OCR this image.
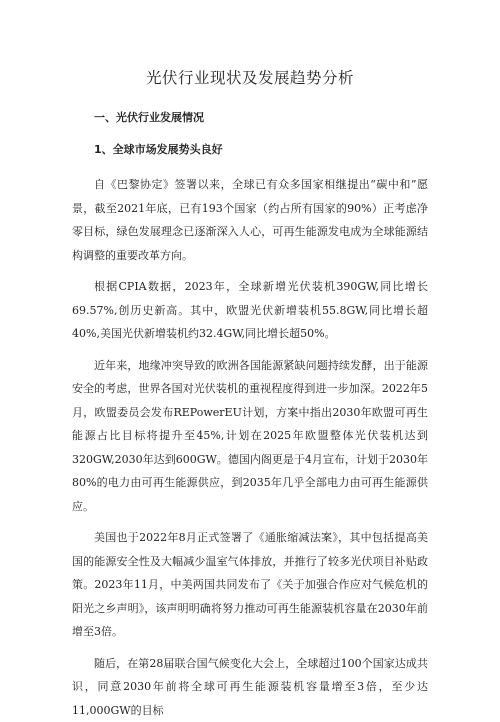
光伏行业现状及发展趋势分析
一、光伏行业发展情况
1、全球市场发展势头良好

自《巴黎协定》签署以来，全球已有众多国家相继提出“碳中和”愿景，截至2021年底，已有193个国家（约占所有国家的90%）正考虑净零目标，绿色发展理念已逐渐深入人心，可再生能源发电成为全球能源结构调整的重要改革方向。

根据CPIA数据，2023年，全球新增光伏装机390GW,同比增长69.57%,创历史新高。其中，欧盟光伏新增装机55.8GW,同比增长超40%,美国光伏新增装机约32.4GW,同比增长超50%。

近年来，地缘冲突导致的欧洲各国能源紧缺问题持续发酵，出于能源安全的考虑，世界各国对光伏装机的重视程度得到进一步加深。2022年5月，欧盟委员会发布REPowerEU计划，方案中指出2030年欧盟可再生能源占比目标将提升至45%,计划在2025年欧盟整体光伏装机达到320GW,2030年达到600GW。德国内阁更是于4月宣布，计划于2030年80%的电力由可再生能源供应，到2035年几乎全部电力由可再生能源供应。

美国也于2022年8月正式签署了《通胀缩减法案》，其中包括提高美国的能源安全性及大幅减少温室气体排放，并推行了较多光伏项目补贴政策。2023年11月，中美两国共同发布了《关于加强合作应对气候危机的阳光之乡声明》，该声明明确将努力推动可再生能源装机容量在2030年前增至3倍。

随后，在第28届联合国气候变化大会上，全球超过100个国家达成共识，同意2030年前将全球可再生能源装机容量增至3倍，至少达11,000GW的目标
